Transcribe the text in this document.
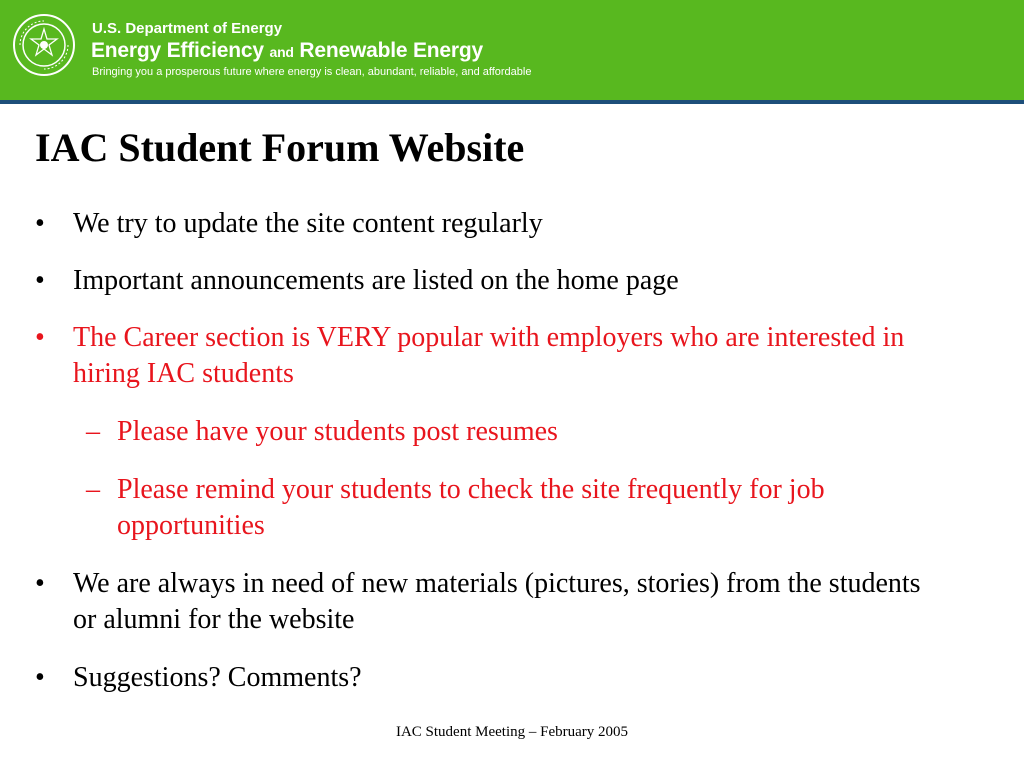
U.S. Department of Energy
Energy Efficiency and Renewable Energy
Bringing you a prosperous future where energy is clean, abundant, reliable, and affordable
IAC Student Forum Website
• We try to update the site content regularly
• Important announcements are listed on the home page
• The Career section is VERY popular with employers who are interested in hiring IAC students
– Please have your students post resumes
– Please remind your students to check the site frequently for job opportunities
• We are always in need of new materials (pictures, stories) from the students or alumni for the website
• Suggestions? Comments?
IAC Student Meeting – February 2005
